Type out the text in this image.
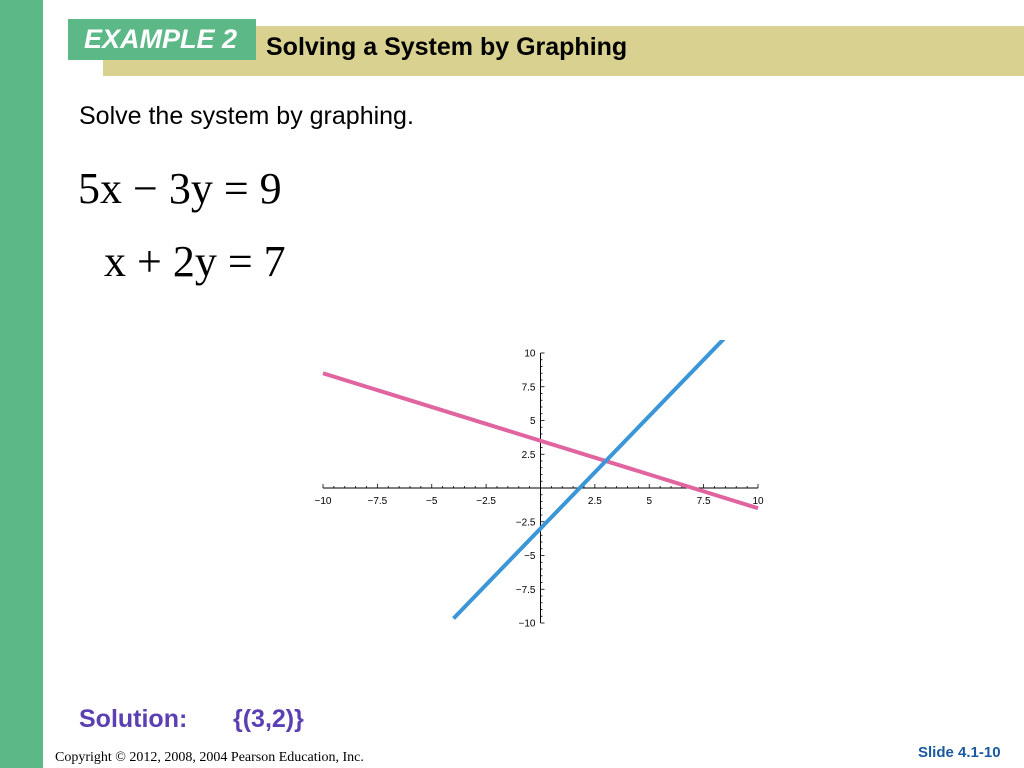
EXAMPLE 2	Solving a System by Graphing
Solve the system by graphing.
5x − 3y = 9
x + 2y = 7
−10	−7.5	−5	−2.5	2.5	5	7.5	10
10
7.5
5
2.5
−2.5
−5
−7.5
−10
Solution: {(3,2)}
Copyright © 2012, 2008, 2004 Pearson Education, Inc.	Slide 4.1-10
